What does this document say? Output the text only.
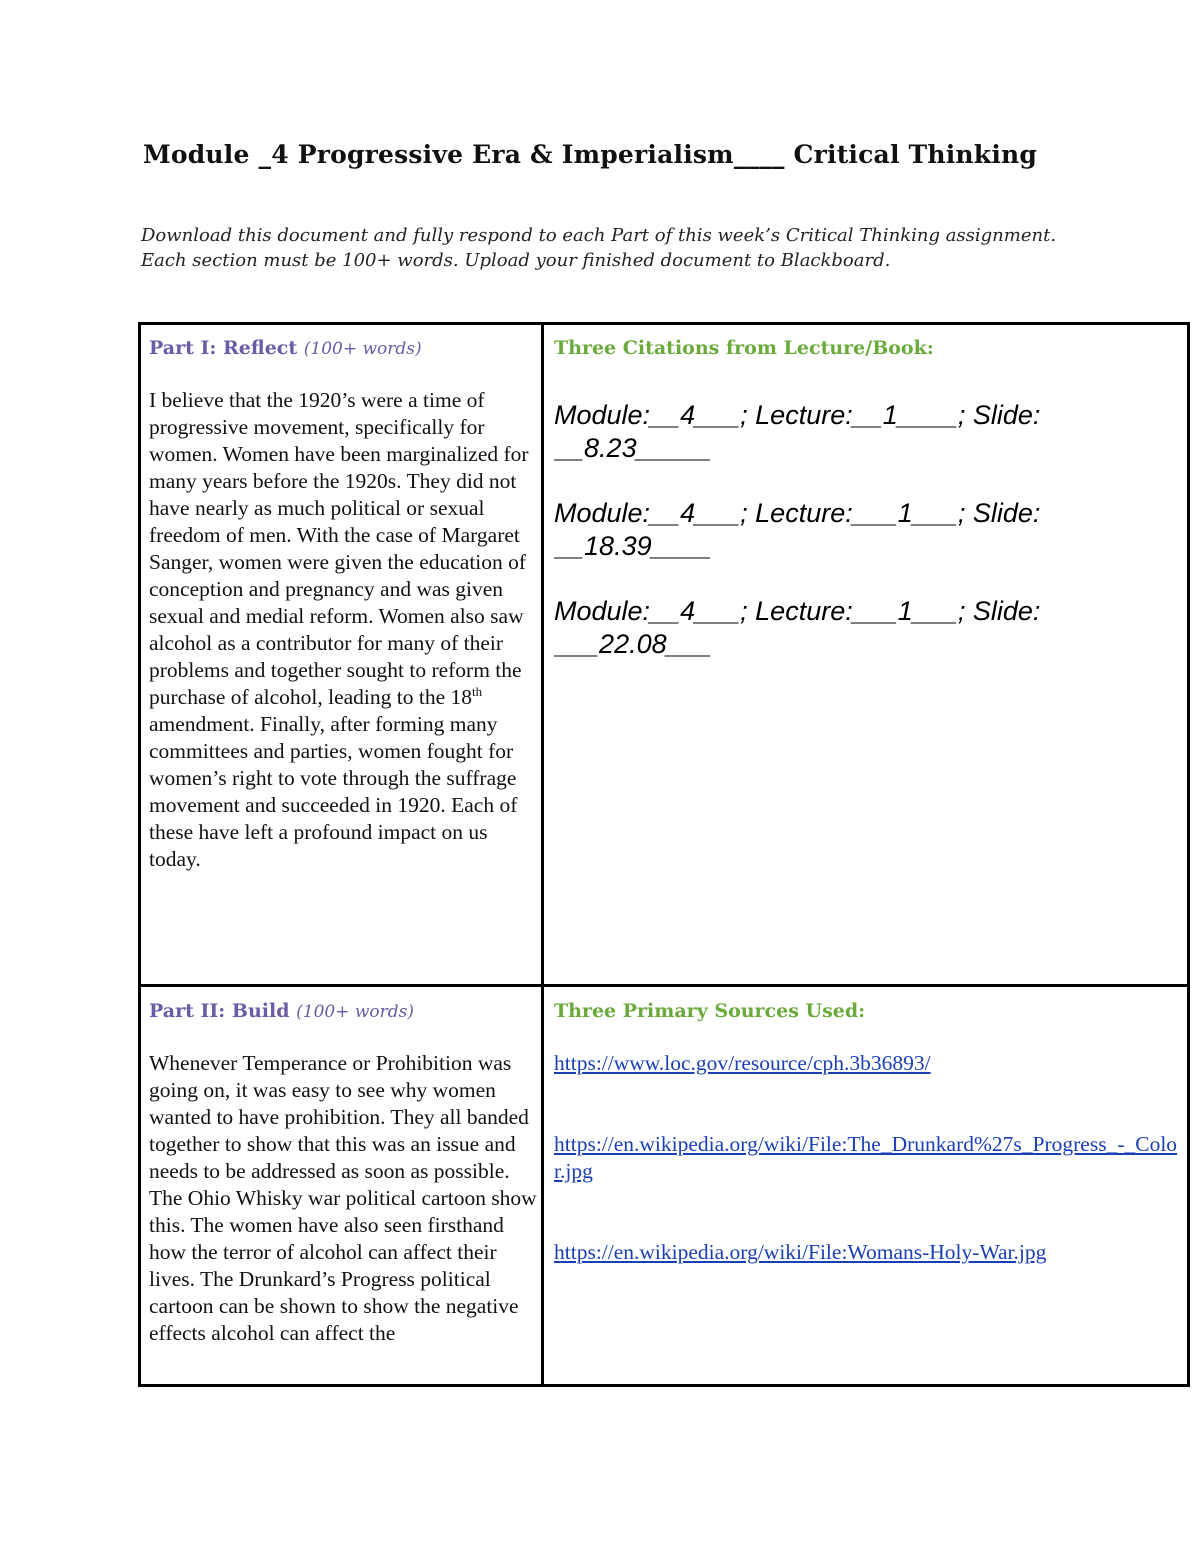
Module _4 Progressive Era & Imperialism____ Critical Thinking
Download this document and fully respond to each Part of this week’s Critical Thinking assignment. Each section must be 100+ words. Upload your finished document to Blackboard.
Part I: Reflect (100+ words)
I believe that the 1920’s were a time of progressive movement, specifically for women. Women have been marginalized for many years before the 1920s. They did not have nearly as much political or sexual freedom of men. With the case of Margaret Sanger, women were given the education of conception and pregnancy and was given sexual and medial reform. Women also saw alcohol as a contributor for many of their problems and together sought to reform the purchase of alcohol, leading to the 18th amendment. Finally, after forming many committees and parties, women fought for women’s right to vote through the suffrage movement and succeeded in 1920. Each of these have left a profound impact on us today.
Three Citations from Lecture/Book:
Module:__4___; Lecture:__1____; Slide: __8.23_____
Module:__4___; Lecture:___1___; Slide: __18.39____
Module:__4___; Lecture:___1___; Slide: ___22.08___
Part II: Build (100+ words)
Whenever Temperance or Prohibition was going on, it was easy to see why women wanted to have prohibition. They all banded together to show that this was an issue and needs to be addressed as soon as possible. The Ohio Whisky war political cartoon show this. The women have also seen firsthand how the terror of alcohol can affect their lives. The Drunkard’s Progress political cartoon can be shown to show the negative effects alcohol can affect the
Three Primary Sources Used:
https://www.loc.gov/resource/cph.3b36893/
https://en.wikipedia.org/wiki/File:The_Drunkard%27s_Progress_-_Color.jpg
https://en.wikipedia.org/wiki/File:Womans-Holy-War.jpg
